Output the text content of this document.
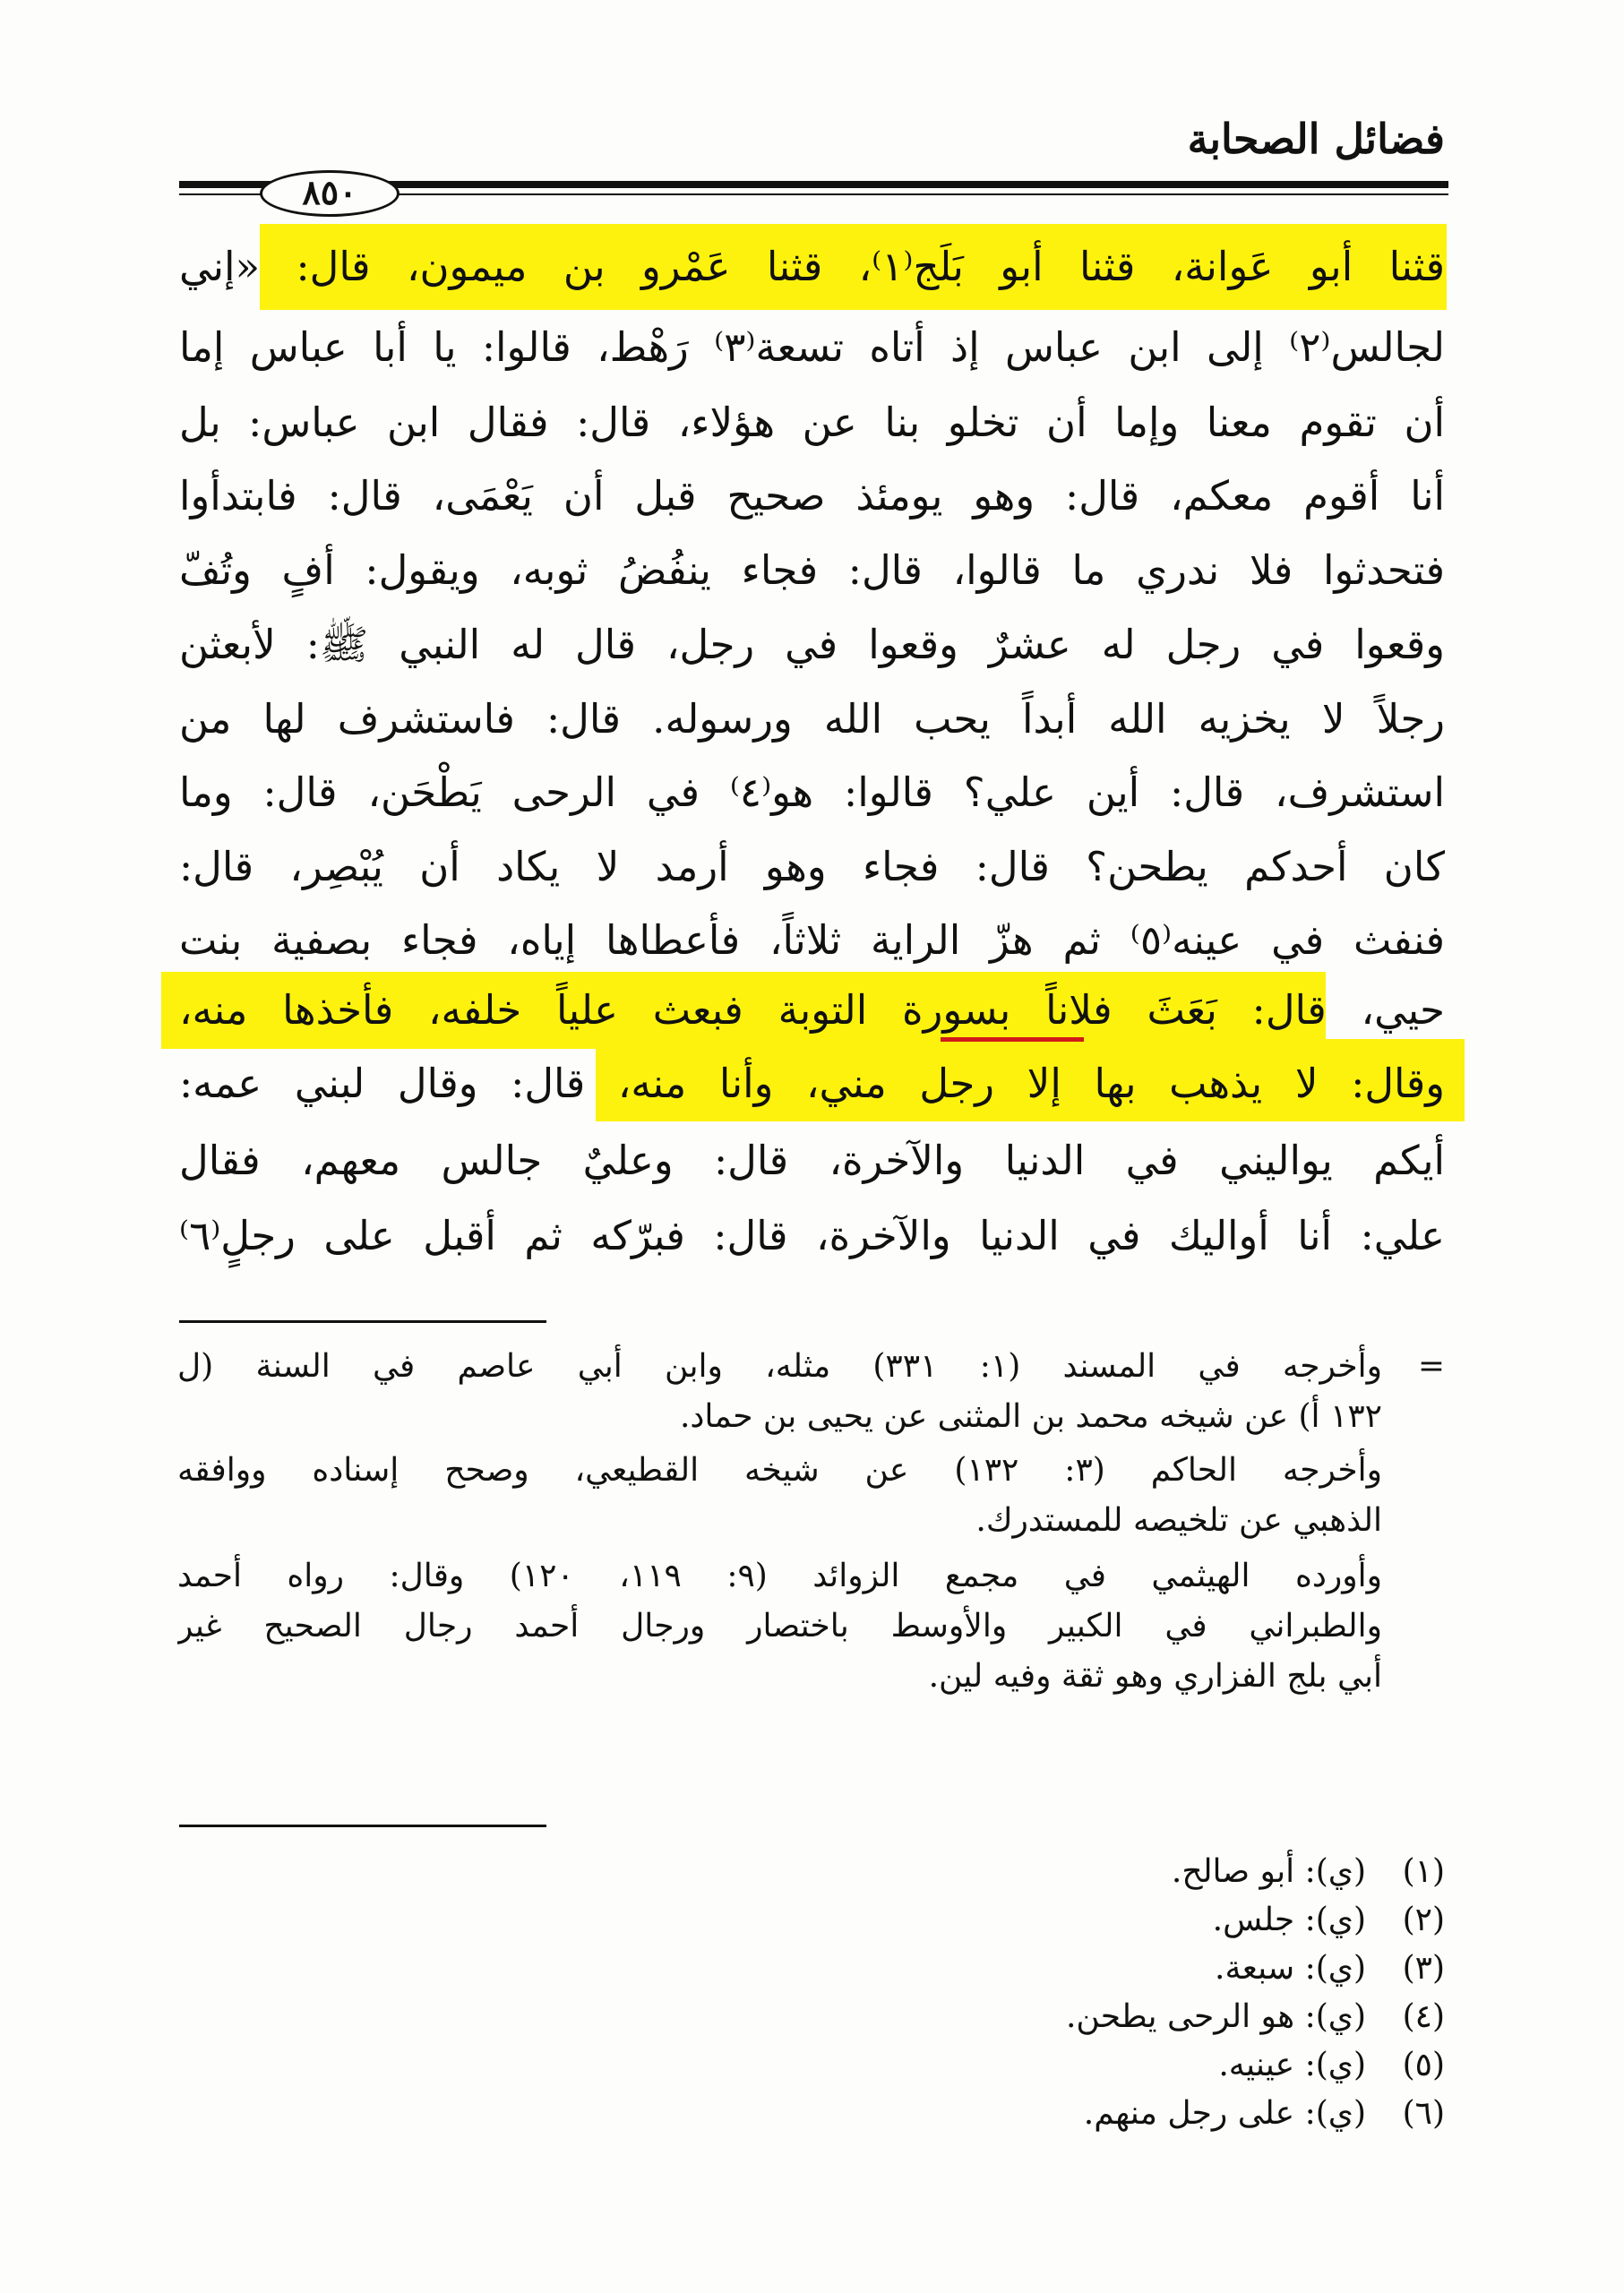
فضائل الصحابة
٨٥٠
قثنا أبو عَوانة، قثنا أبو بَلَج⁽١⁾، قثنا عَمْرو بن ميمون، قال: «إني
لجالس⁽٢⁾ إلى ابن عباس إذ أتاه تسعة⁽٣⁾ رَهْط، قالوا: يا أبا عباس إما
أن تقوم معنا وإما أن تخلو بنا عن هؤلاء، قال: فقال ابن عباس: بل
أنا أقوم معكم، قال: وهو يومئذ صحيح قبل أن يَعْمَى، قال: فابتدأوا
فتحدثوا فلا ندري ما قالوا، قال: فجاء ينفُضُ ثوبه، ويقول: أفٍ وتُفّ
وقعوا في رجل له عشرٌ وقعوا في رجل، قال له النبي ﷺ: لأبعثن
رجلاً لا يخزيه الله أبداً يحب الله ورسوله. قال: فاستشرف لها من
استشرف، قال: أين علي؟ قالوا: هو⁽٤⁾ في الرحى يَطْحَن، قال: وما
كان أحدكم يطحن؟ قال: فجاء وهو أرمد لا يكاد أن يُبْصِر، قال:
فنفث في عينه⁽٥⁾ ثم هزّ الراية ثلاثاً، فأعطاها إياه، فجاء بصفية بنت
حيي، قال: بَعَثَ فلاناً بسورة التوبة فبعث علياً خلفه، فأخذها منه،
وقال: لا يذهب بها إلا رجل مني، وأنا منه، قال: وقال لبني عمه:
أيكم يواليني في الدنيا والآخرة، قال: وعليٌ جالس معهم، فقال
علي: أنا أواليك في الدنيا والآخرة، قال: فبرّكه ثم أقبل على رجلٍ⁽٦⁾
=
وأخرجه في المسند (١: ٣٣١) مثله، وابن أبي عاصم في السنة (ل
١٣٢ أ) عن شيخه محمد بن المثنى عن يحيى بن حماد.
وأخرجه الحاكم (٣: ١٣٢) عن شيخه القطيعي، وصحح إسناده ووافقه
الذهبي عن تلخيصه للمستدرك.
وأورده الهيثمي في مجمع الزوائد (٩: ١١٩، ١٢٠) وقال: رواه أحمد
والطبراني في الكبير والأوسط باختصار ورجال أحمد رجال الصحيح غير
أبي بلج الفزاري وهو ثقة وفيه لين.
(١)(ي): أبو صالح.
(٢)(ي): جلس.
(٣)(ي): سبعة.
(٤)(ي): هو الرحى يطحن.
(٥)(ي): عينيه.
(٦)(ي): على رجل منهم.
